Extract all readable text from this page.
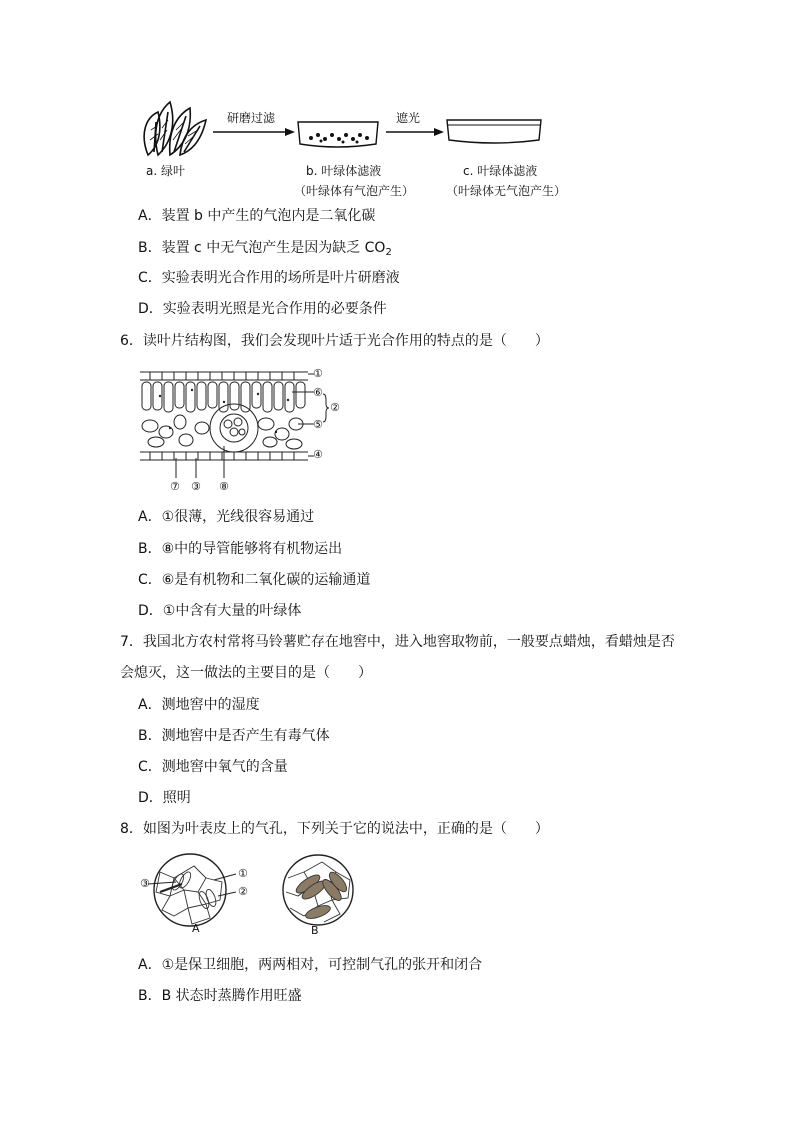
a. 绿叶
研磨过滤
b. 叶绿体滤液
（叶绿体有气泡产生）
遮光
c. 叶绿体滤液
（叶绿体无气泡产生）
A．装置 b 中产生的气泡内是二氧化碳
B．装置 c 中无气泡产生是因为缺乏 $CO_2$
C．实验表明光合作用的场所是叶片研磨液
D．实验表明光照是光合作用的必要条件
6．读叶片结构图，我们会发现叶片适于光合作用的特点的是（　　）
①
⑥
②
⑤
④
⑦ ③ ⑧
A．①很薄，光线很容易通过
B．⑧中的导管能够将有机物运出
C．⑥是有机物和二氧化碳的运输通道
D．①中含有大量的叶绿体
7．我国北方农村常将马铃薯贮存在地窖中，进入地窖取物前，一般要点蜡烛，看蜡烛是否
会熄灭，这一做法的主要目的是（　　）
A．测地窖中的湿度
B．测地窖中是否产生有毒气体
C．测地窖中氧气的含量
D．照明
8．如图为叶表皮上的气孔，下列关于它的说法中，正确的是（　　）
③
①
②
A	B
A．①是保卫细胞，两两相对，可控制气孔的张开和闭合
B．B 状态时蒸腾作用旺盛
